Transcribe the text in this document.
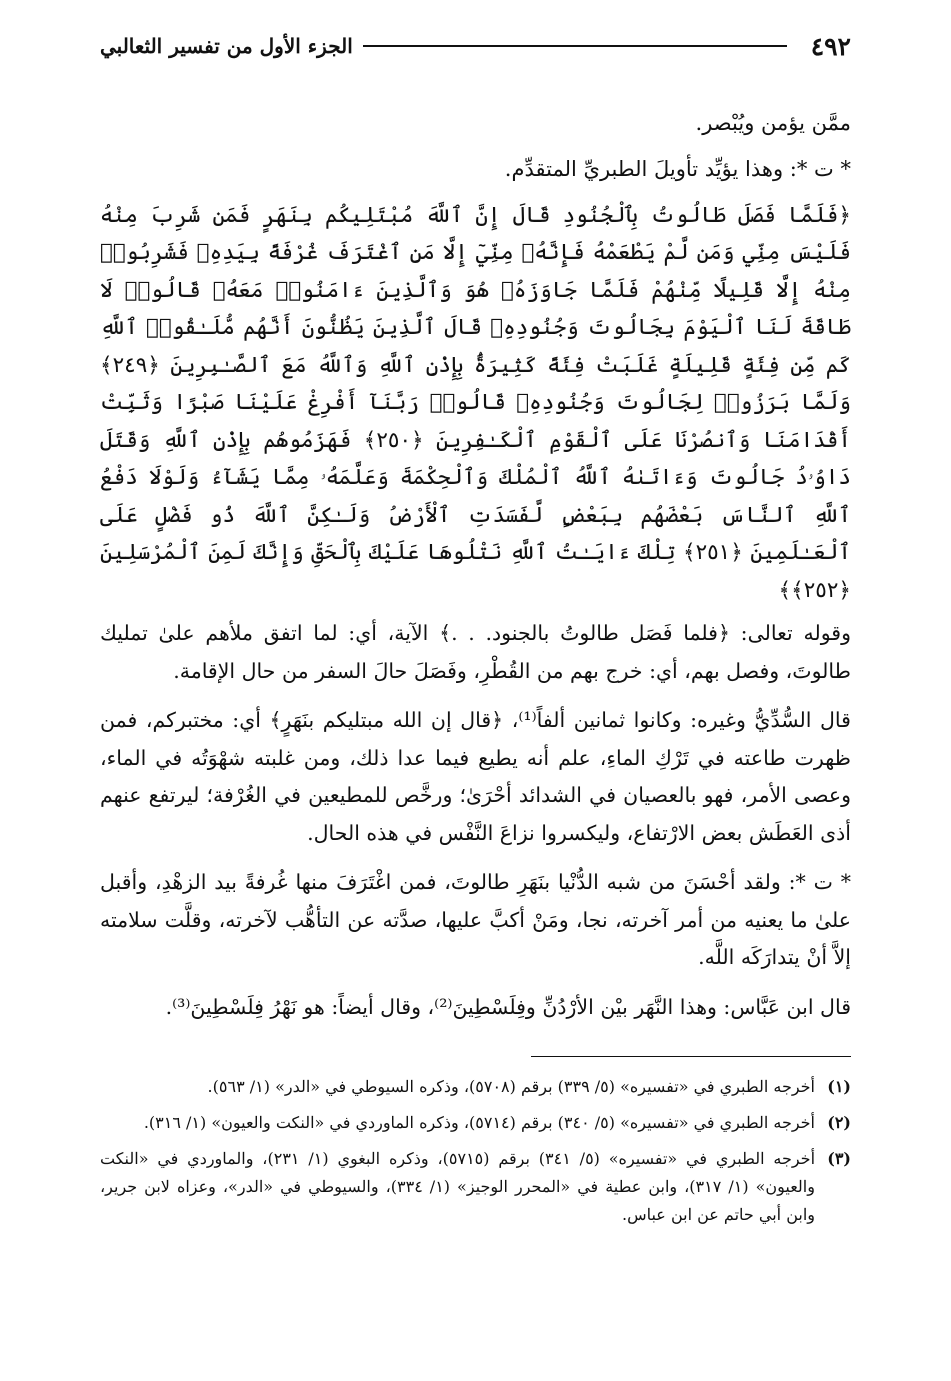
٤٩٢
الجزء الأول من تفسير الثعالبي

ممَّن يؤمن ويُبْصر.

* ت *: وهذا يؤيِّد تأويلَ الطبريِّ المتقدِّم.

﴿فَلَمَّا فَصَلَ طَالُوتُ بِٱلْجُنُودِ قَالَ إِنَّ ٱللَّهَ مُبْتَلِيكُم بِنَهَرٍ فَمَن شَرِبَ مِنْهُ فَلَيْسَ مِنِّي وَمَن لَّمْ يَطْعَمْهُ فَإِنَّهُۥ مِنِّيٓ إِلَّا مَنِ ٱغْتَرَفَ غُرْفَةً بِيَدِهِۦ فَشَرِبُوا۟ مِنْهُ إِلَّا قَلِيلًا مِّنْهُمْ فَلَمَّا جَاوَزَهُۥ هُوَ وَٱلَّذِينَ ءَامَنُوا۟ مَعَهُۥ قَالُوا۟ لَا طَاقَةَ لَنَا ٱلْيَوْمَ بِجَالُوتَ وَجُنُودِهِۦ قَالَ ٱلَّذِينَ يَظُنُّونَ أَنَّهُم مُّلَـٰقُوا۟ ٱللَّهِ كَم مِّن فِئَةٍ قَلِيلَةٍ غَلَبَتْ فِئَةً كَثِيرَةًۢ بِإِذْنِ ٱللَّهِ وَٱللَّهُ مَعَ ٱلصَّـٰبِرِينَ ﴿٢٤٩﴾ وَلَمَّا بَرَزُوا۟ لِجَالُوتَ وَجُنُودِهِۦ قَالُوا۟ رَبَّنَآ أَفْرِغْ عَلَيْنَا صَبْرًا وَثَبِّتْ أَقْدَامَنَا وَٱنصُرْنَا عَلَى ٱلْقَوْمِ ٱلْكَـٰفِرِينَ ﴿٢٥٠﴾ فَهَزَمُوهُم بِإِذْنِ ٱللَّهِ وَقَتَلَ دَاوُۥدُ جَالُوتَ وَءَاتَىٰهُ ٱللَّهُ ٱلْمُلْكَ وَٱلْحِكْمَةَ وَعَلَّمَهُۥ مِمَّا يَشَآءُ وَلَوْلَا دَفْعُ ٱللَّهِ ٱلنَّاسَ بَعْضَهُم بِبَعْضٍ لَّفَسَدَتِ ٱلْأَرْضُ وَلَـٰكِنَّ ٱللَّهَ ذُو فَضْلٍ عَلَى ٱلْعَـٰلَمِينَ ﴿٢٥١﴾ تِلْكَ ءَايَـٰتُ ٱللَّهِ نَتْلُوهَا عَلَيْكَ بِٱلْحَقِّ وَإِنَّكَ لَمِنَ ٱلْمُرْسَلِينَ ﴿٢٥٢﴾﴾

وقوله تعالى: ﴿فلما فَصَل طالوتُ بالجنود. . .﴾ الآية، أي: لما اتفق ملأهم علىٰ تمليك طالوتَ، وفصل بهم، أي: خرج بهم من القُطْرِ، وفَصَلَ حالَ السفر من حال الإقامة.

قال السُّدِّيُّ وغيره: وكانوا ثمانين ألفاً⁽¹⁾، ﴿قال إن الله مبتليكم بنَهَرٍ﴾ أي: مختبركم، فمن ظهرت طاعته في تَرْكِ الماءِ، علم أنه يطيع فيما عدا ذلك، ومن غلبته شهْوَتُه في الماء، وعصى الأمر، فهو بالعصيان في الشدائد أحْرَىٰ؛ ورخَّص للمطيعين في الغُرْفة؛ ليرتفع عنهم أذى العَطَش بعض الارْتفاع، وليكسروا نزاعَ النَّفْس في هذه الحال.

* ت *: ولقد أحْسَنَ من شبه الدُّنْيا بنَهَرِ طالوتَ، فمن اغْتَرَفَ منها غُرفةً بيد الزهْدِ، وأقبل علىٰ ما يعنيه من أمر آخرته، نجا، ومَنْ أكبَّ عليها، صدَّته عن التأهُّب لآخرته، وقلَّت سلامته إلاَّ أنْ يتدارَكَه اللَّه.

قال ابن عَبَّاس: وهذا النَّهَر بيْن الأرْدُنِّ وفِلَسْطِينَ⁽²⁾، وقال أيضاً: هو نَهْرُ فِلَسْطِينَ⁽³⁾.

(١)
أخرجه الطبري في «تفسيره» (٥/ ٣٣٩) برقم (٥٧٠٨)، وذكره السيوطي في «الدر» (١/ ٥٦٣).
(٢)
أخرجه الطبري في «تفسيره» (٥/ ٣٤٠) برقم (٥٧١٤)، وذكره الماوردي في «النكت والعيون» (١/ ٣١٦).
(٣)
أخرجه الطبري في «تفسيره» (٥/ ٣٤١) برقم (٥٧١٥)، وذكره البغوي (١/ ٢٣١)، والماوردي في «النكت والعيون» (١/ ٣١٧)، وابن عطية في «المحرر الوجيز» (١/ ٣٣٤)، والسيوطي في «الدر»، وعزاه لابن جرير، وابن أبي حاتم عن ابن عباس.
